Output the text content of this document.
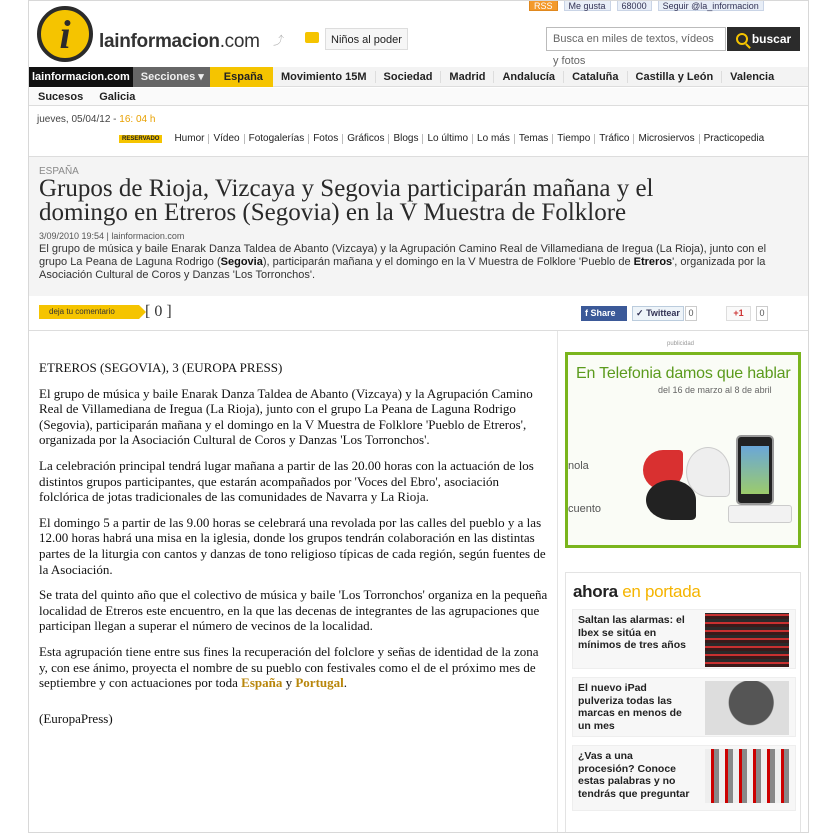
RSS	Me gusta	68000	Seguir @la_informacion
i	lainformacion.com ⤴	Niños al poder	Busca en miles de textos, vídeos y fotos
buscar
lainformacion.com	Secciones ▾	España	Movimiento 15M	Sociedad	Madrid	Andalucía	Cataluña	Castilla y León	Valencia
Sucesos	Galicia
jueves, 05/04/12 - 16: 04 h
RESERVADO	Humor Vídeo Fotogalerías Fotos Gráficos Blogs Lo último Lo más Temas Tiempo Tráfico Microsiervos Practicopedia
ESPAÑA
Grupos de Rioja, Vizcaya y Segovia participarán mañana y el domingo en Etreros (Segovia) en la V Muestra de Folklore
3/09/2010 19:54 | lainformacion.com
El grupo de música y baile Enarak Danza Taldea de Abanto (Vizcaya) y la Agrupación Camino Real de Villamediana de Iregua (La Rioja), junto con el grupo La Peana de Laguna Rodrigo (Segovia), participarán mañana y el domingo en la V Muestra de Folklore 'Pueblo de Etreros', organizada por la Asociación Cultural de Coros y Danzas 'Los Torronchos'.
deja tu comentario	[ 0 ]	f Share	✓ Twittear 0	+1	0

ETREROS (SEGOVIA), 3 (EUROPA PRESS)

El grupo de música y baile Enarak Danza Taldea de Abanto (Vizcaya) y la Agrupación Camino Real de Villamediana de Iregua (La Rioja), junto con el grupo La Peana de Laguna Rodrigo (Segovia), participarán mañana y el domingo en la V Muestra de Folklore 'Pueblo de Etreros', organizada por la Asociación Cultural de Coros y Danzas 'Los Torronchos'.

La celebración principal tendrá lugar mañana a partir de las 20.00 horas con la actuación de los distintos grupos participantes, que estarán acompañados por 'Voces del Ebro', asociación folclórica de jotas tradicionales de las comunidades de Navarra y La Rioja.

El domingo 5 a partir de las 9.00 horas se celebrará una revolada por las calles del pueblo y a las 12.00 horas habrá una misa en la iglesia, donde los grupos tendrán colaboración en las distintas partes de la liturgia con cantos y danzas de tono religioso típicas de cada región, según fuentes de la Asociación.

Se trata del quinto año que el colectivo de música y baile 'Los Torronchos' organiza en la pequeña localidad de Etreros este encuentro, en la que las decenas de integrantes de las agrupaciones que participan llegan a superar el número de vecinos de la localidad.

Esta agrupación tiene entre sus fines la recuperación del folclore y señas de identidad de la zona y, con ese ánimo, proyecta el nombre de su pueblo con festivales como el de el próximo mes de septiembre y con actuaciones por toda España y Portugal.

(EuropaPress)

publicidad
En Telefonia damos que hablar
del 16 de marzo al 8 de abril
nola
cuento
ahora en portada
Saltan las alarmas: el Ibex se sitúa en mínimos de tres años
El nuevo iPad pulveriza todas las marcas en menos de un mes
¿Vas a una procesión? Conoce estas palabras y no tendrás que preguntar
